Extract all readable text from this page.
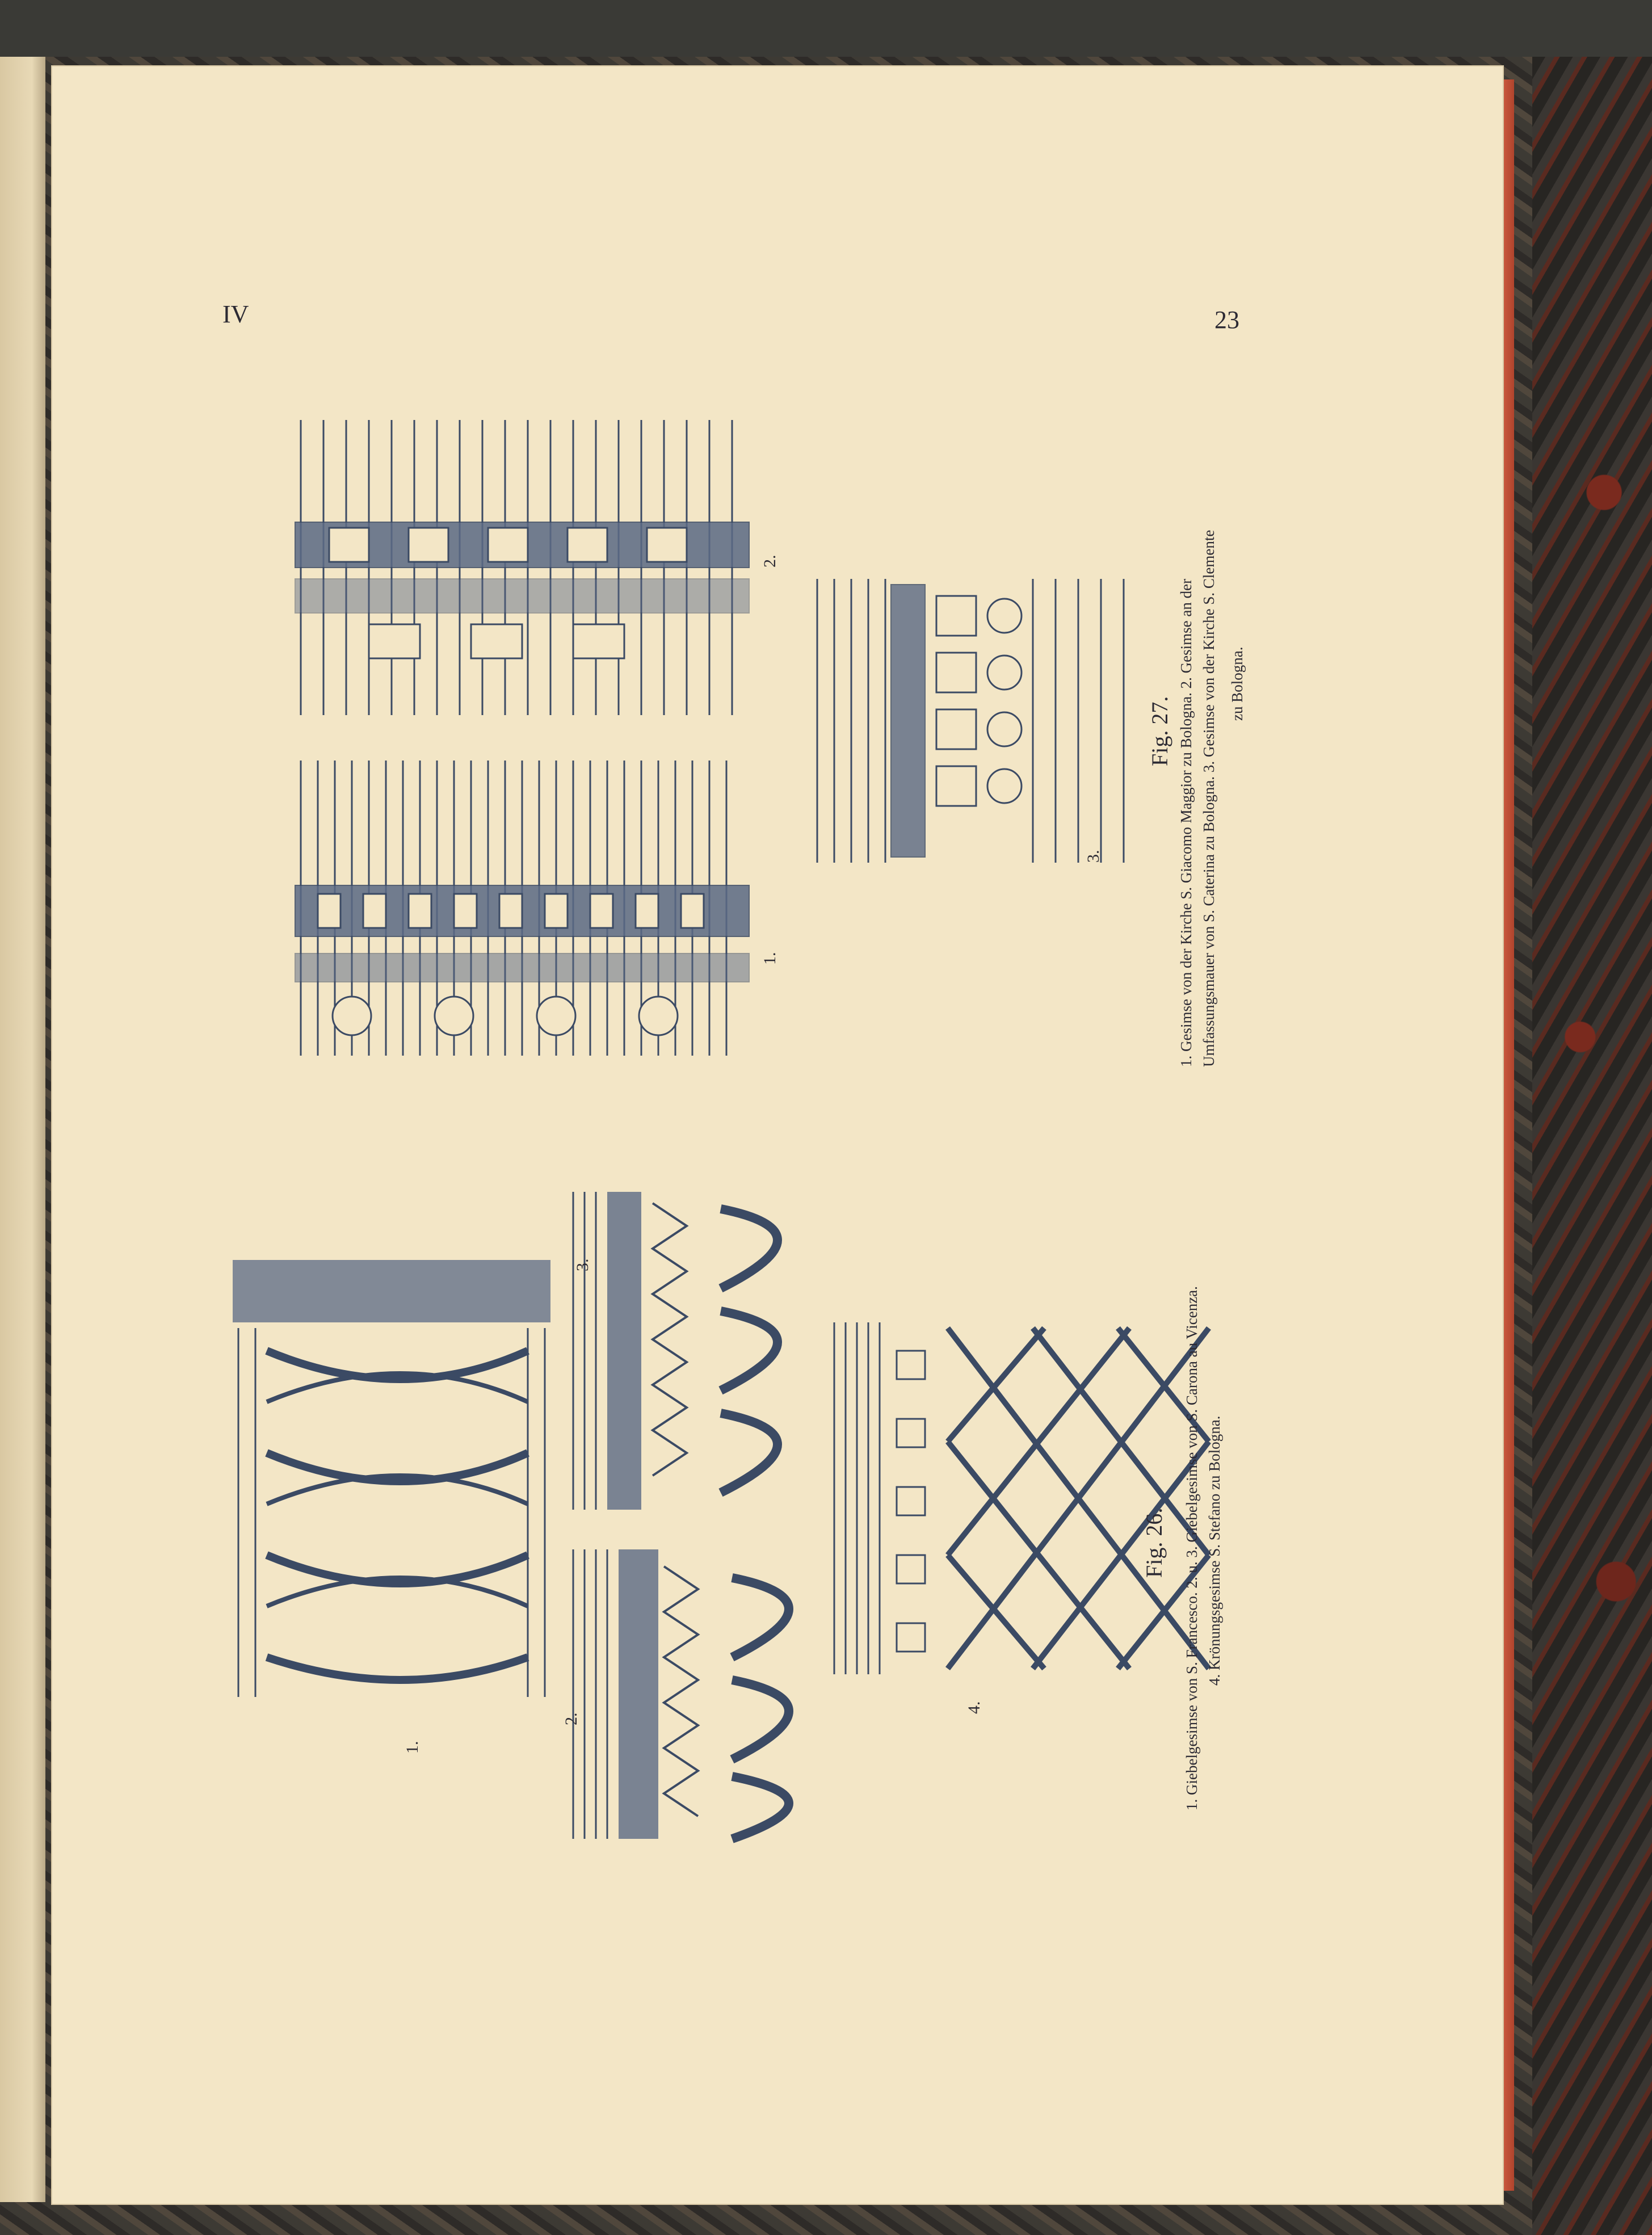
IV	23
1.
2.
3.
Fig. 27. 1. Gesimse von der Kirche S. Giacomo Maggior zu Bologna. 2. Gesimse an der Umfassungsmauer von S. Caterina zu Bologna. 3. Gesimse von der Kirche S. Clemente zu Bologna.
1.
2.
3.
4.
Fig. 26. 1. Giebelgesimse von S. Francesco. 2. u. 3. Giebelgesimse von S. Carona au Vicenza. 4. Krönungsgesimse S. Stefano zu Bologna.
